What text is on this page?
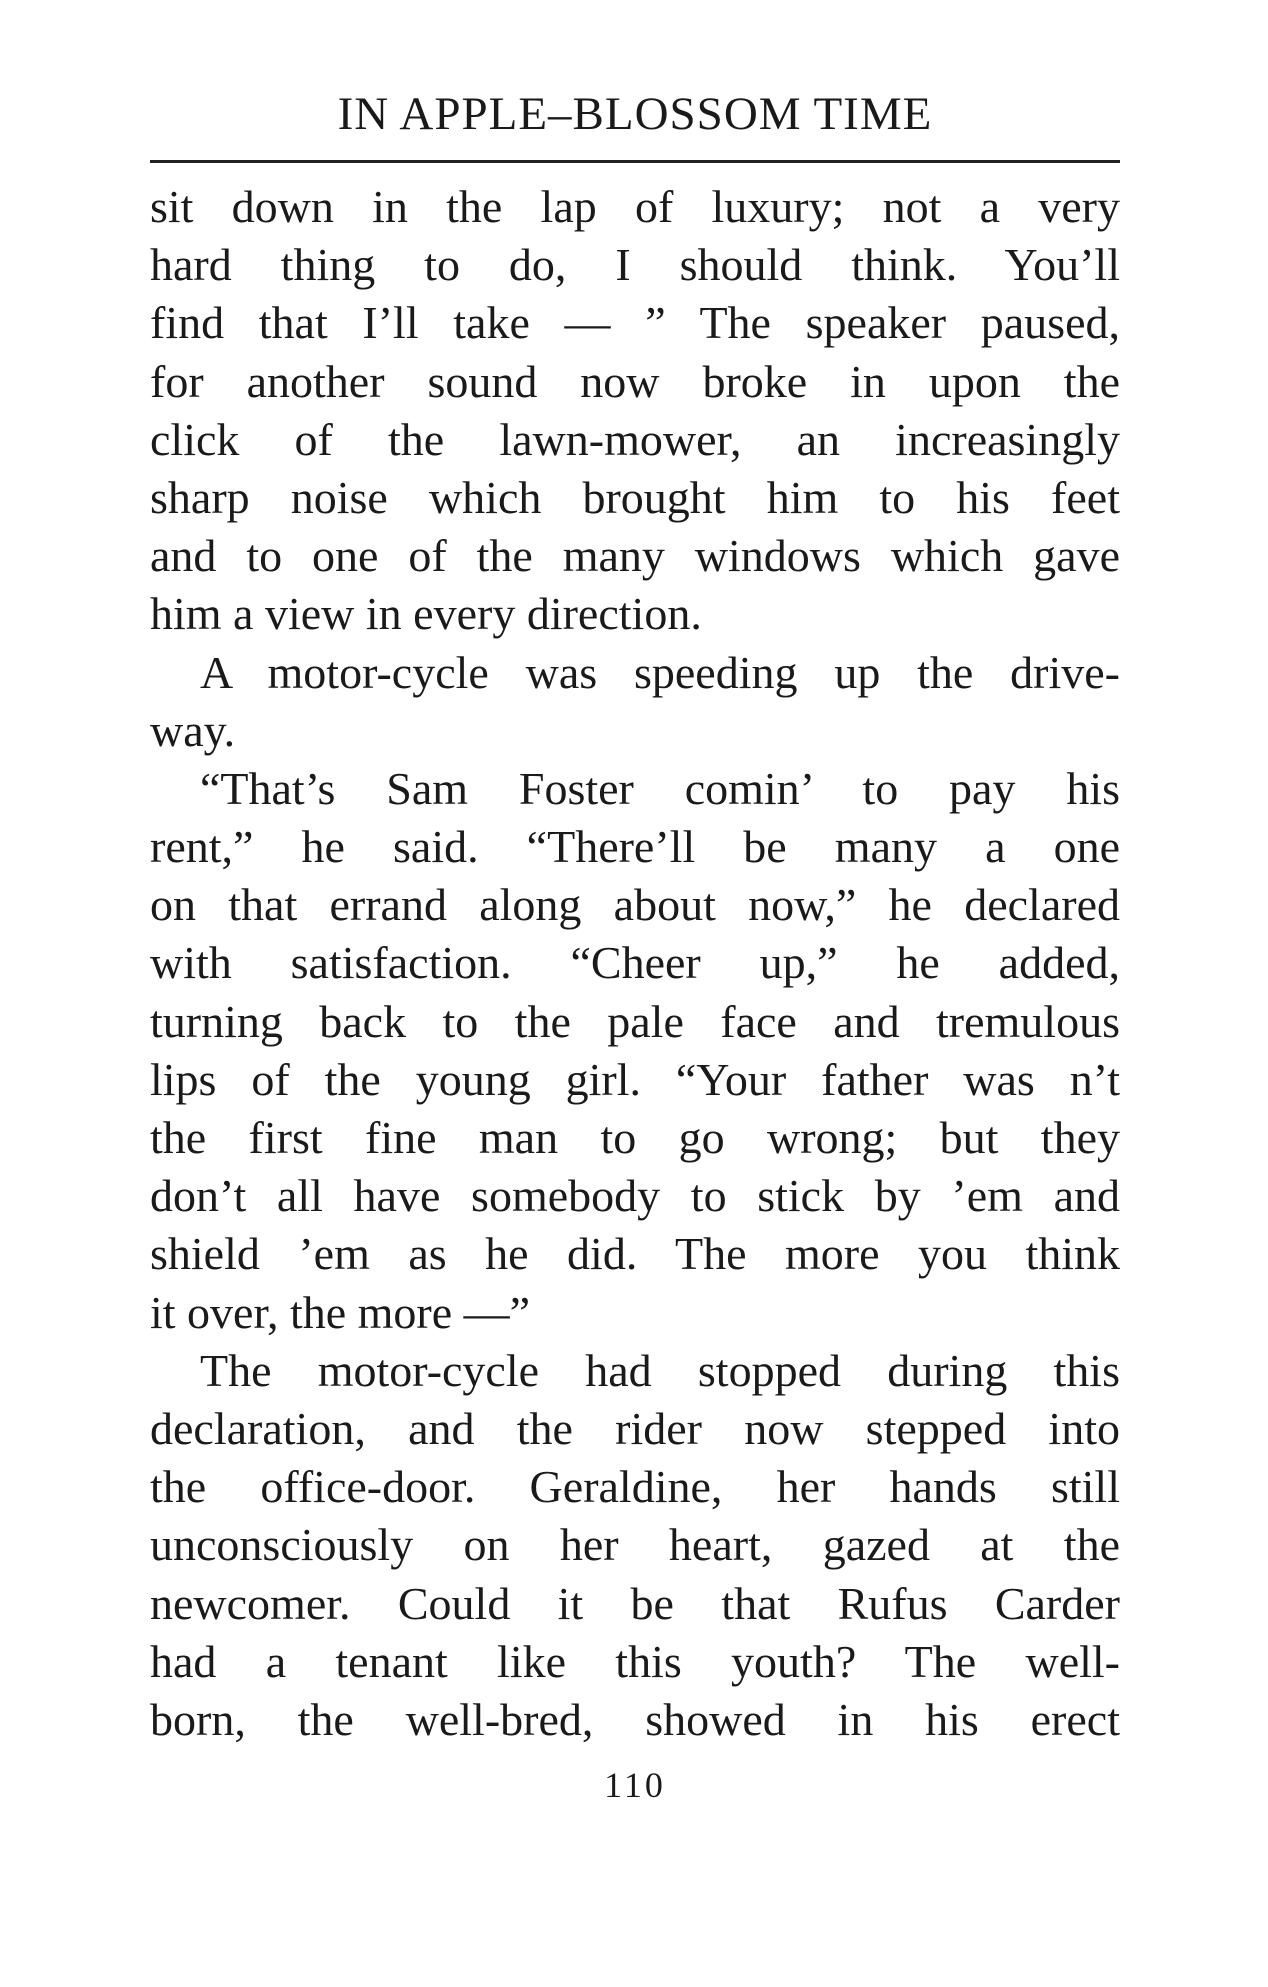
IN APPLE–BLOSSOM TIME
sit down in the lap of luxury; not a very
hard thing to do, I should think. You’ll
find that I’ll take — ” The speaker paused,
for another sound now broke in upon the
click of the lawn-mower, an increasingly
sharp noise which brought him to his feet
and to one of the many windows which gave
him a view in every direction.
A motor-cycle was speeding up the drive-
way.
“That’s Sam Foster comin’ to pay his
rent,” he said. “There’ll be many a one
on that errand along about now,” he declared
with satisfaction. “Cheer up,” he added,
turning back to the pale face and tremulous
lips of the young girl. “Your father was n’t
the first fine man to go wrong; but they
don’t all have somebody to stick by ’em and
shield ’em as he did. The more you think
it over, the more —”
The motor-cycle had stopped during this
declaration, and the rider now stepped into
the office-door. Geraldine, her hands still
unconsciously on her heart, gazed at the
newcomer. Could it be that Rufus Carder
had a tenant like this youth? The well-
born, the well-bred, showed in his erect
110
